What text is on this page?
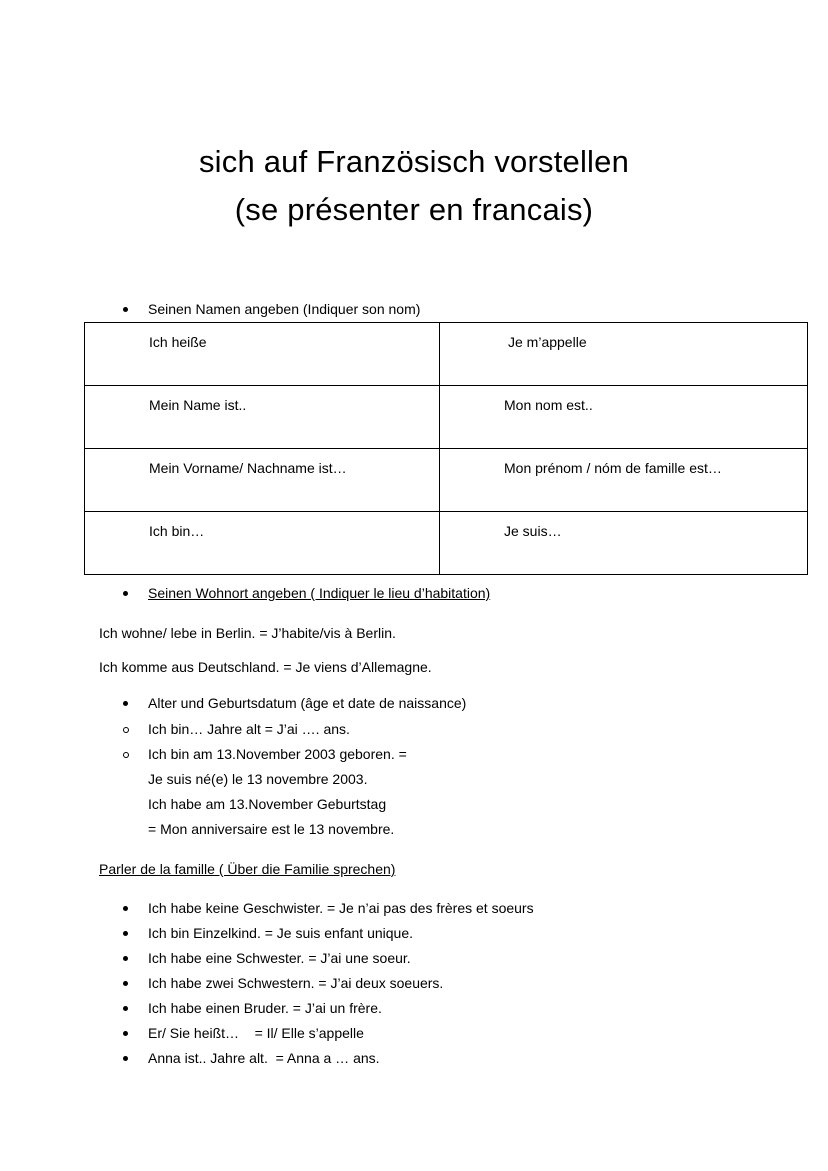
sich auf Französisch vorstellen
(se présenter en francais)
Seinen Namen angeben (Indiquer son nom)
Ich heiße	Je m’appelle
Mein Name ist..	Mon nom est..
Mein Vorname/ Nachname ist…	Mon prénom / nóm de famille est…
Ich bin…	Je suis…
Seinen Wohnort angeben ( Indiquer le lieu d’habitation)
Ich wohne/ lebe in Berlin. = J’habite/vis à Berlin.
Ich komme aus Deutschland. = Je viens d’Allemagne.
Alter und Geburtsdatum (âge et date de naissance)
Ich bin… Jahre alt = J’ai …. ans.
Ich bin am 13.November 2003 geboren. =
Je suis né(e) le 13 novembre 2003.
Ich habe am 13.November Geburtstag
= Mon anniversaire est le 13 novembre.
Parler de la famille ( Über die Familie sprechen)
Ich habe keine Geschwister. = Je n’ai pas des frères et soeurs
Ich bin Einzelkind. = Je suis enfant unique.
Ich habe eine Schwester. = J’ai une soeur.
Ich habe zwei Schwestern. = J’ai deux soeuers.
Ich habe einen Bruder. = J’ai un frère.
Er/ Sie heißt…    = Il/ Elle s’appelle
Anna ist.. Jahre alt.  = Anna a … ans.
